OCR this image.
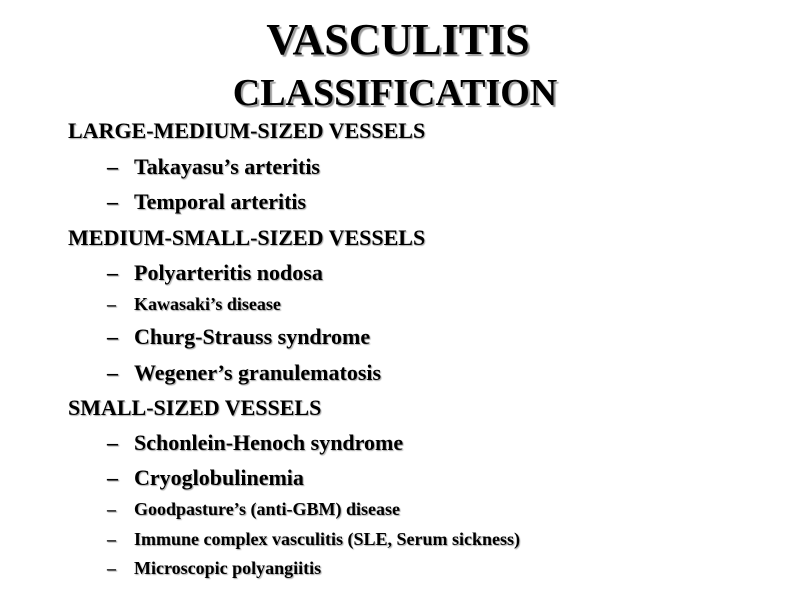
VASCULITIS
CLASSIFICATION
LARGE-MEDIUM-SIZED VESSELS
– Takayasu’s arteritis
– Temporal arteritis
MEDIUM-SMALL-SIZED VESSELS
– Polyarteritis nodosa
– Kawasaki’s disease
– Churg-Strauss syndrome
– Wegener’s granulematosis
SMALL-SIZED VESSELS
– Schonlein-Henoch syndrome
– Cryoglobulinemia
– Goodpasture’s (anti-GBM) disease
– Immune complex vasculitis (SLE, Serum sickness)
– Microscopic polyangiitis
